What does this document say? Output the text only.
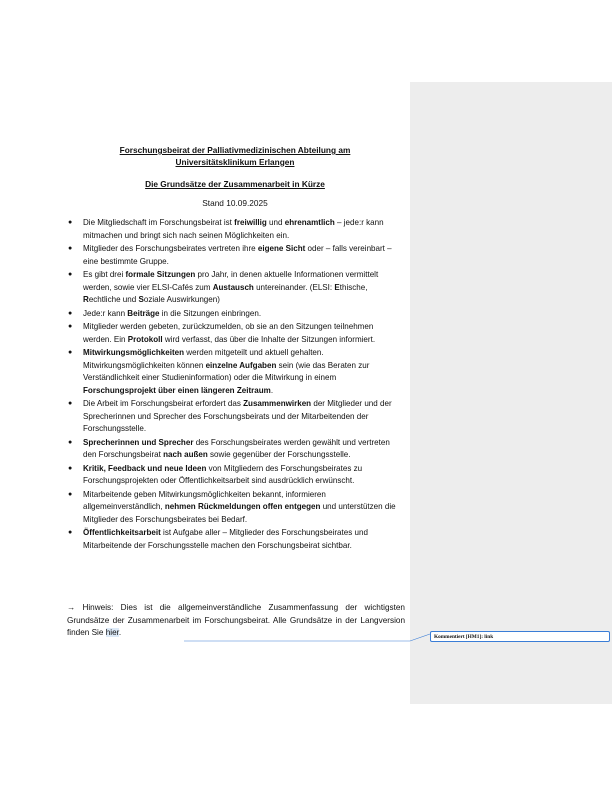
Forschungsbeirat der Palliativmedizinischen Abteilung am
Universitätsklinikum Erlangen
Die Grundsätze der Zusammenarbeit in Kürze
Stand 10.09.2025
● Die Mitgliedschaft im Forschungsbeirat ist freiwillig und ehrenamtlich – jede:r kann mitmachen und bringt sich nach seinen Möglichkeiten ein.
● Mitglieder des Forschungsbeirates vertreten ihre eigene Sicht oder – falls vereinbart – eine bestimmte Gruppe.
● Es gibt drei formale Sitzungen pro Jahr, in denen aktuelle Informationen vermittelt werden, sowie vier ELSI-Cafés zum Austausch untereinander. (ELSI: Ethische, Rechtliche und Soziale Auswirkungen)
● Jede:r kann Beiträge in die Sitzungen einbringen.
● Mitglieder werden gebeten, zurückzumelden, ob sie an den Sitzungen teilnehmen werden. Ein Protokoll wird verfasst, das über die Inhalte der Sitzungen informiert.
● Mitwirkungsmöglichkeiten werden mitgeteilt und aktuell gehalten. Mitwirkungsmöglichkeiten können einzelne Aufgaben sein (wie das Beraten zur Verständlichkeit einer Studieninformation) oder die Mitwirkung in einem Forschungsprojekt über einen längeren Zeitraum.
● Die Arbeit im Forschungsbeirat erfordert das Zusammenwirken der Mitglieder und der Sprecherinnen und Sprecher des Forschungsbeirats und der Mitarbeitenden der Forschungsstelle.
● Sprecherinnen und Sprecher des Forschungsbeirates werden gewählt und vertreten den Forschungsbeirat nach außen sowie gegenüber der Forschungsstelle.
● Kritik, Feedback und neue Ideen von Mitgliedern des Forschungsbeirates zu Forschungsprojekten oder Öffentlichkeitsarbeit sind ausdrücklich erwünscht.
● Mitarbeitende geben Mitwirkungsmöglichkeiten bekannt, informieren allgemeinverständlich, nehmen Rückmeldungen offen entgegen und unterstützen die Mitglieder des Forschungsbeirates bei Bedarf.
● Öffentlichkeitsarbeit ist Aufgabe aller – Mitglieder des Forschungsbeirates und Mitarbeitende der Forschungsstelle machen den Forschungsbeirat sichtbar.
→ Hinweis: Dies ist die allgemeinverständliche Zusammenfassung der wichtigsten Grundsätze der Zusammenarbeit im Forschungsbeirat. Alle Grundsätze in der Langversion finden Sie hier.	Kommentiert [HM1]: link
